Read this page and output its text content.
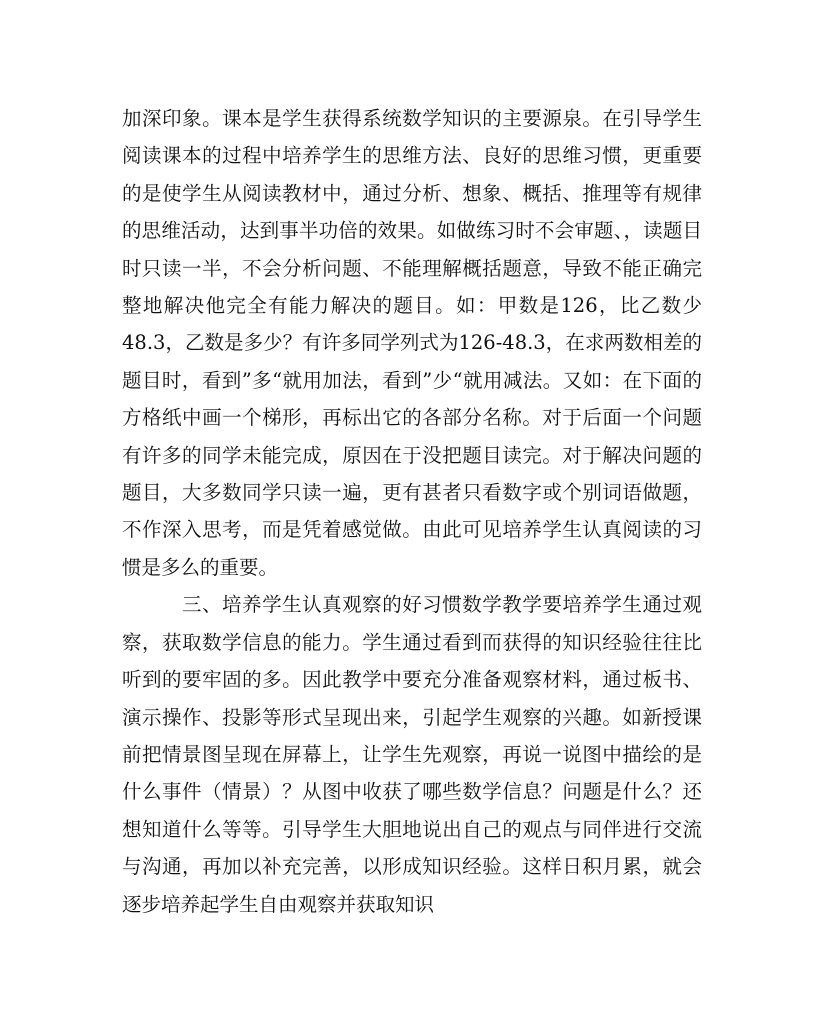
加深印象。课本是学生获得系统数学知识的主要源泉。在引导学生阅读课本的过程中培养学生的思维方法、良好的思维习惯，更重要的是使学生从阅读教材中，通过分析、想象、概括、推理等有规律的思维活动，达到事半功倍的效果。如做练习时不会审题、，读题目时只读一半，不会分析问题、不能理解概括题意，导致不能正确完整地解决他完全有能力解决的题目。如：甲数是126，比乙数少48.3，乙数是多少？有许多同学列式为126-48.3，在求两数相差的题目时，看到”多“就用加法，看到”少“就用减法。又如：在下面的方格纸中画一个梯形，再标出它的各部分名称。对于后面一个问题有许多的同学未能完成，原因在于没把题目读完。对于解决问题的题目，大多数同学只读一遍，更有甚者只看数字或个别词语做题，不作深入思考，而是凭着感觉做。由此可见培养学生认真阅读的习惯是多么的重要。

三、培养学生认真观察的好习惯数学教学要培养学生通过观察，获取数学信息的能力。学生通过看到而获得的知识经验往往比听到的要牢固的多。因此教学中要充分准备观察材料，通过板书、演示操作、投影等形式呈现出来，引起学生观察的兴趣。如新授课前把情景图呈现在屏幕上，让学生先观察，再说一说图中描绘的是什么事件（情景）？从图中收获了哪些数学信息？问题是什么？还想知道什么等等。引导学生大胆地说出自己的观点与同伴进行交流与沟通，再加以补充完善，以形成知识经验。这样日积月累，就会逐步培养起学生自由观察并获取知识
